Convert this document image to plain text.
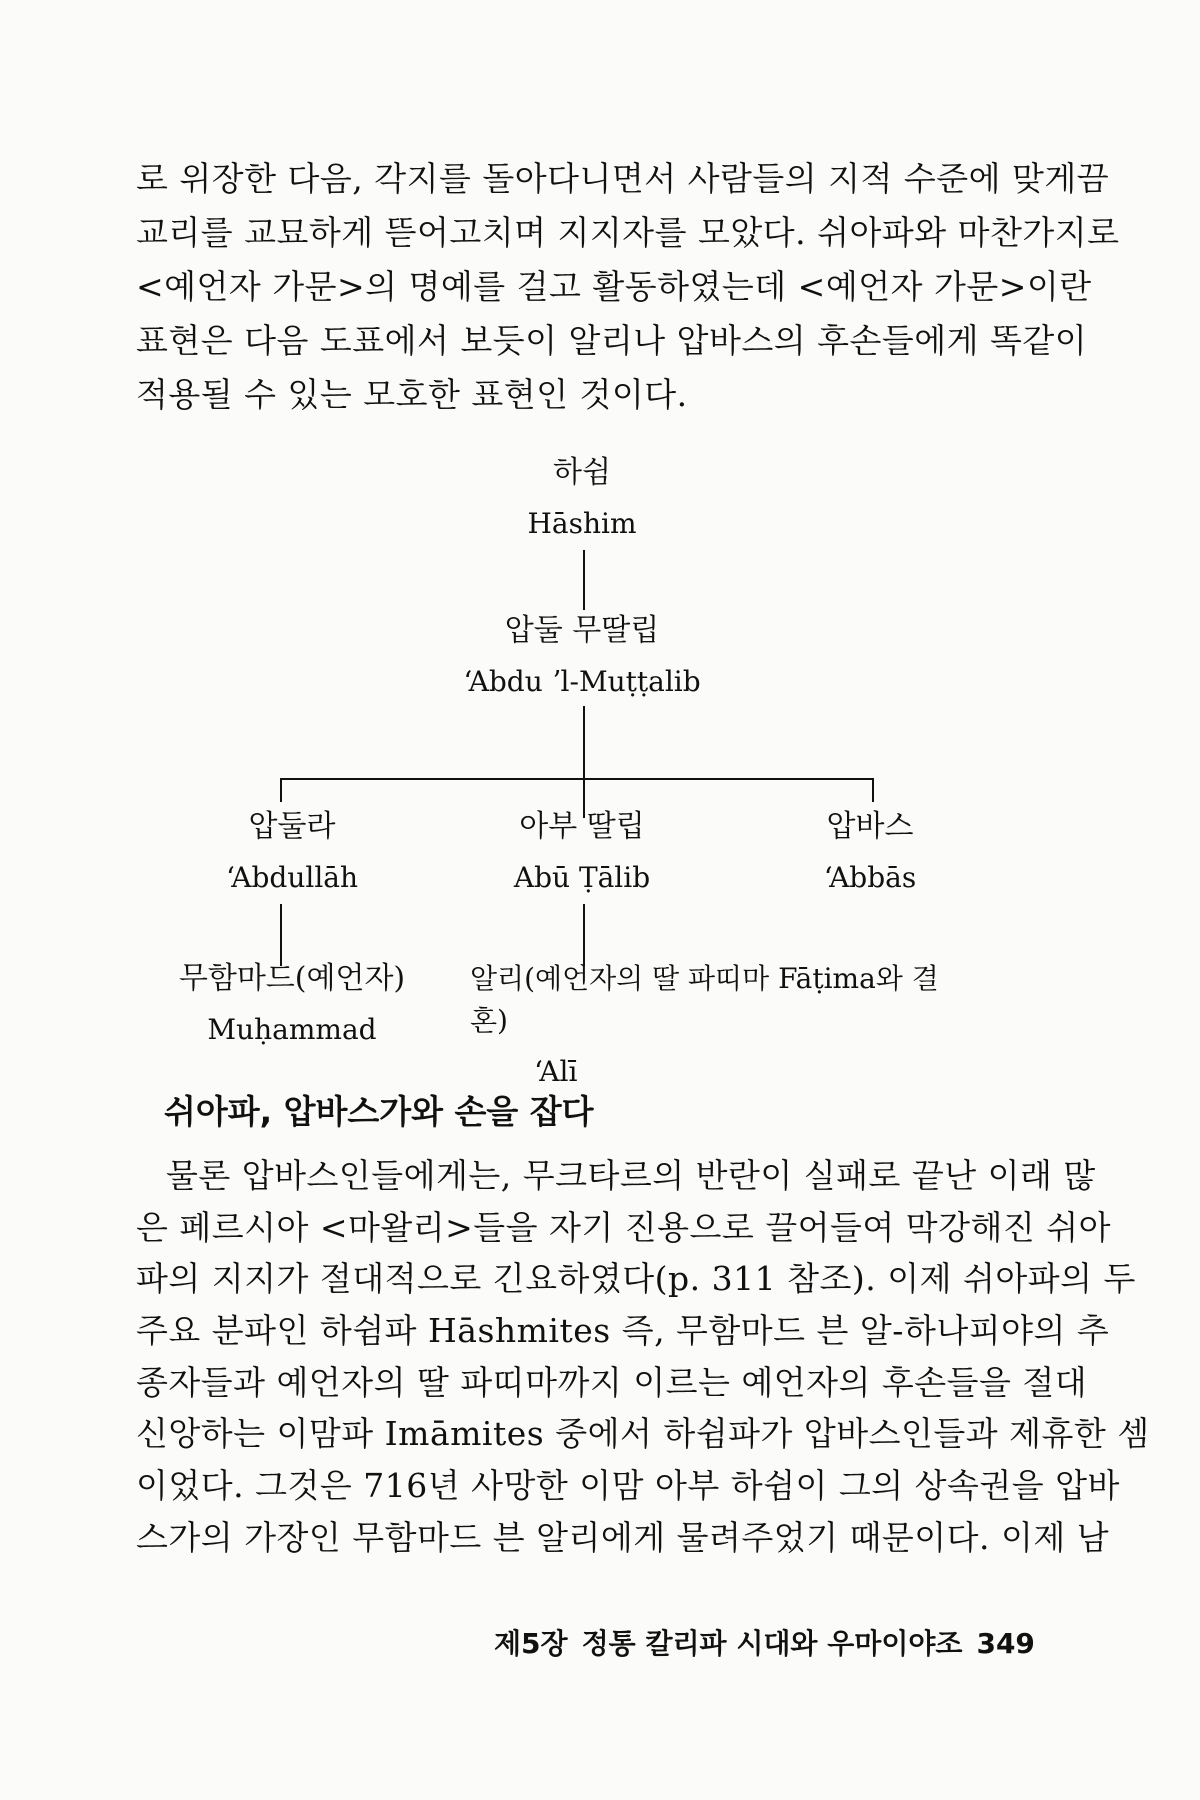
로 위장한 다음, 각지를 돌아다니면서 사람들의 지적 수준에 맞게끔
교리를 교묘하게 뜯어고치며 지지자를 모았다. 쉬아파와 마찬가지로
<예언자 가문>의 명예를 걸고 활동하였는데 <예언자 가문>이란
표현은 다음 도표에서 보듯이 알리나 압바스의 후손들에게 똑같이
적용될 수 있는 모호한 표현인 것이다.
하쉼
Hāshim
압둘 무딸립
ʻAbdu ʼl-Muṭṭalib
압둘라
ʻAbdullāh
아부 딸립
Abū Ṭālib
압바스
ʻAbbās
무함마드(예언자)
Muḥammad
알리(예언자의 딸 파띠마 Fāṭima와 결혼)
ʻAlī
쉬아파, 압바스가와 손을 잡다
물론 압바스인들에게는, 무크타르의 반란이 실패로 끝난 이래 많
은 페르시아 <마왈리>들을 자기 진용으로 끌어들여 막강해진 쉬아
파의 지지가 절대적으로 긴요하였다(p. 311 참조). 이제 쉬아파의 두
주요 분파인 하쉼파 Hāshmites 즉, 무함마드 븐 알-하나피야의 추
종자들과 예언자의 딸 파띠마까지 이르는 예언자의 후손들을 절대
신앙하는 이맘파 Imāmites 중에서 하쉼파가 압바스인들과 제휴한 셈
이었다. 그것은 716년 사망한 이맘 아부 하쉼이 그의 상속권을 압바
스가의 가장인 무함마드 븐 알리에게 물려주었기 때문이다. 이제 남
제5장 정통 칼리파 시대와 우마이야조 349
